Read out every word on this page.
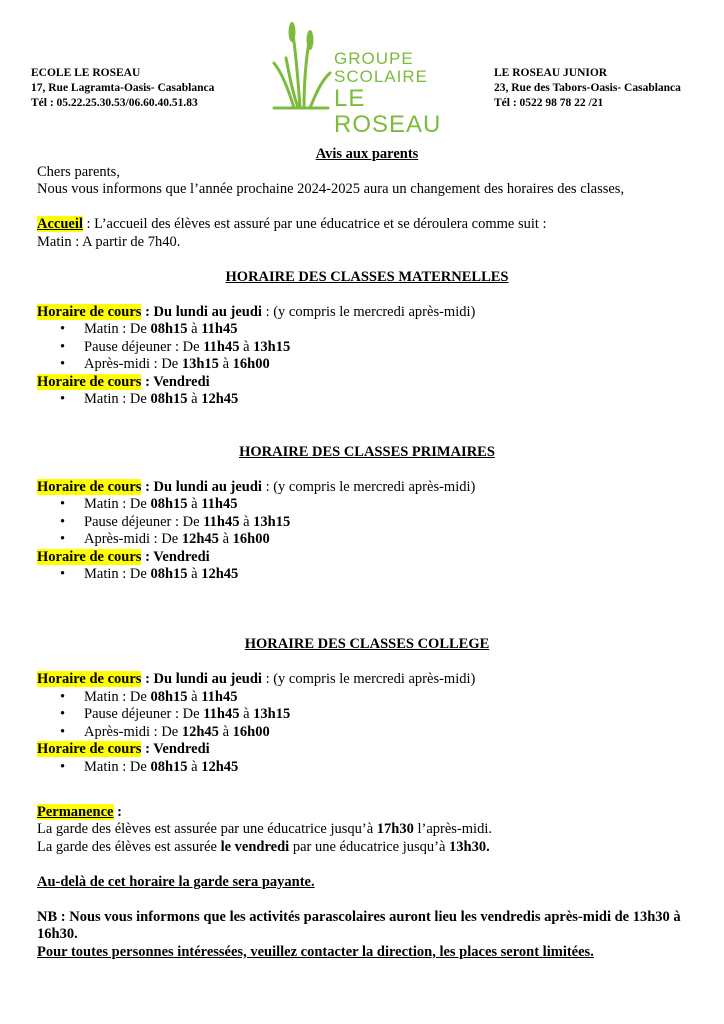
ECOLE LE ROSEAU
17, Rue Lagramta-Oasis- Casablanca
Tél : 05.22.25.30.53/06.60.40.51.83
GROUPE
SCOLAIRE
LE ROSEAU
LE ROSEAU JUNIOR
23, Rue des Tabors-Oasis- Casablanca
Tél : 0522 98 78 22 /21

Avis aux parents

Chers parents,

Nous vous informons que l’année prochaine 2024-2025 aura un changement des horaires des classes,

Accueil : L’accueil des élèves est assuré par une éducatrice et se déroulera comme suit :

Matin : A partir de 7h40.

HORAIRE DES CLASSES MATERNELLES

Horaire de cours : Du lundi au jeudi : (y compris le mercredi après-midi)

• Matin : De 08h15 à 11h45
• Pause déjeuner : De 11h45 à 13h15
• Après-midi : De 13h15 à 16h00

Horaire de cours : Vendredi

• Matin : De 08h15 à 12h45

HORAIRE DES CLASSES PRIMAIRES

Horaire de cours : Du lundi au jeudi : (y compris le mercredi après-midi)

• Matin : De 08h15 à 11h45
• Pause déjeuner : De 11h45 à 13h15
• Après-midi : De 12h45 à 16h00

Horaire de cours : Vendredi

• Matin : De 08h15 à 12h45

HORAIRE DES CLASSES COLLEGE

Horaire de cours : Du lundi au jeudi : (y compris le mercredi après-midi)

• Matin : De 08h15 à 11h45
• Pause déjeuner : De 11h45 à 13h15
• Après-midi : De 12h45 à 16h00

Horaire de cours : Vendredi

• Matin : De 08h15 à 12h45

Permanence :

La garde des élèves est assurée par une éducatrice jusqu’à 17h30 l’après-midi.

La garde des élèves est assurée le vendredi par une éducatrice jusqu’à 13h30.

Au-delà de cet horaire la garde sera payante.

NB : Nous vous informons que les activités parascolaires auront lieu les vendredis après-midi de 13h30 à 16h30.

Pour toutes personnes intéressées, veuillez contacter la direction, les places seront limitées.
